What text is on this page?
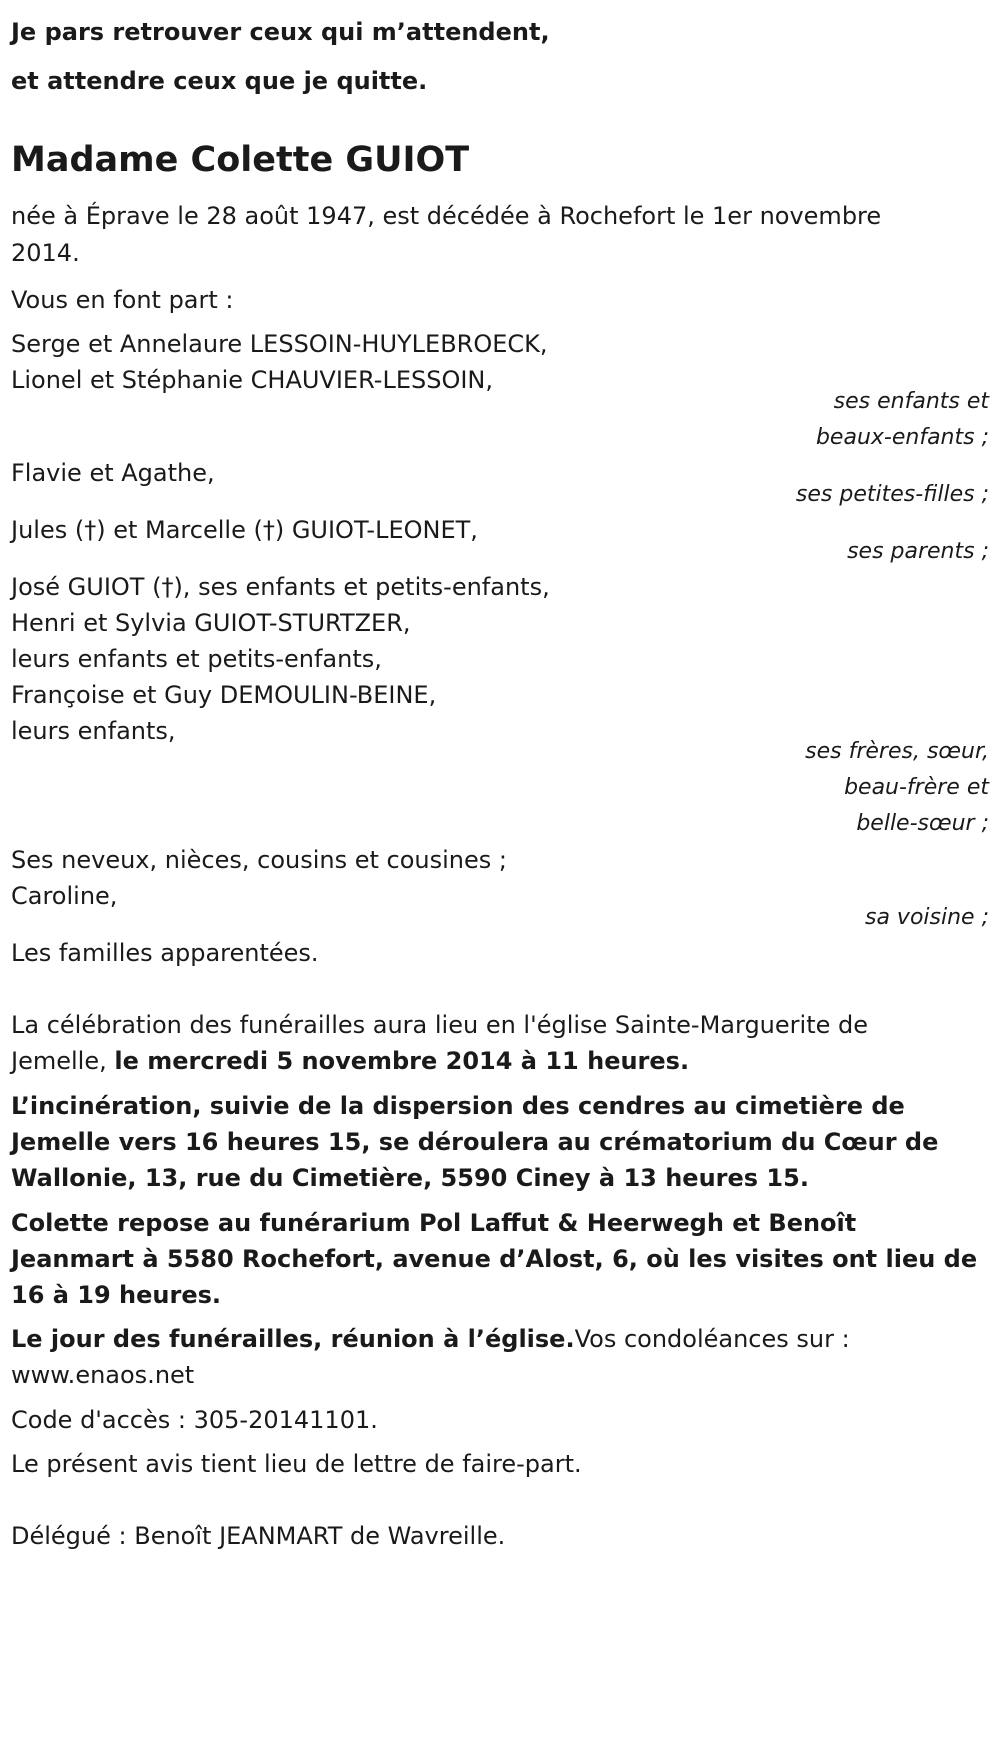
Je pars retrouver ceux qui m’attendent,
et attendre ceux que je quitte.
Madame Colette GUIOT
née à Éprave le 28 août 1947, est décédée à Rochefort le 1er novembre
2014.
Vous en font part :
Serge et Annelaure LESSOIN-HUYLEBROECK,
Lionel et Stéphanie CHAUVIER-LESSOIN,
ses enfants et
beaux-enfants ;
Flavie et Agathe,
ses petites-filles ;
Jules (†) et Marcelle (†) GUIOT-LEONET,
ses parents ;
José GUIOT (†), ses enfants et petits-enfants,
Henri et Sylvia GUIOT-STURTZER,
leurs enfants et petits-enfants,
Françoise et Guy DEMOULIN-BEINE,
leurs enfants,
ses frères, sœur,
beau-frère et
belle-sœur ;
Ses neveux, nièces, cousins et cousines ;
Caroline,
sa voisine ;
Les familles apparentées.
La célébration des funérailles aura lieu en l'église Sainte-Marguerite de
Jemelle, le mercredi 5 novembre 2014 à 11 heures.
L’incinération, suivie de la dispersion des cendres au cimetière de
Jemelle vers 16 heures 15, se déroulera au crématorium du Cœur de
Wallonie, 13, rue du Cimetière, 5590 Ciney à 13 heures 15.
Colette repose au funérarium Pol Laffut & Heerwegh et Benoît
Jeanmart à 5580 Rochefort, avenue d’Alost, 6, où les visites ont lieu de
16 à 19 heures.
Le jour des funérailles, réunion à l’église.Vos condoléances sur :
www.enaos.net
Code d'accès : 305-20141101.
Le présent avis tient lieu de lettre de faire-part.
Délégué : Benoît JEANMART de Wavreille.
